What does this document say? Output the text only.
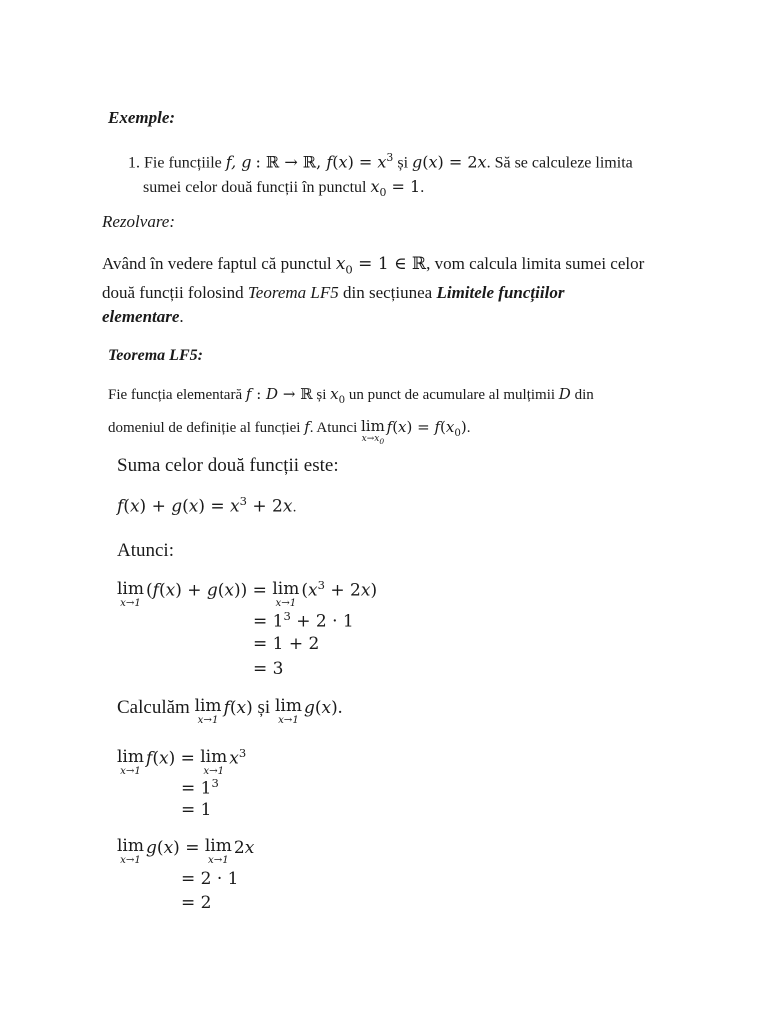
Exemple:
1. Fie funcțiile f, g : ℝ → ℝ, $f(x) = x^3$ și g(x) = 2x. Să se calculeze limita
sumei celor două funcții în punctul $x_0 = 1$.
Rezolvare:
Având în vedere faptul că punctul $x_0 = 1$ ∈ ℝ, vom calcula limita sumei celor
două funcții folosind Teorema LF5 din secțiunea Limitele funcțiilor
elementare.
Teorema LF5:
Fie funcția elementară f : D → ℝ și $x_0$ un punct de acumulare al mulțimii D din
domeniul de definiție al funcției f. Atunci lim
$x\to x_0$
$f(x) = f(x_0)$.
Suma celor două funcții este:
$f(x) + g(x) = x^3 + 2x$.
Atunci:
lim
x→1
(f(x) + g(x)) = lim
x→1
$(x^3 + 2x)$
= $1^3 + 2 \cdot 1$
= 1 + 2
= 3
Calculăm lim
x→1
f(x) și lim
x→1
g(x).
lim
x→1
f(x) = lim
x→1
$x^3$
= $1^3$
= 1
lim
x→1
g(x) = lim
x→1
2x
= 2 · 1
= 2
